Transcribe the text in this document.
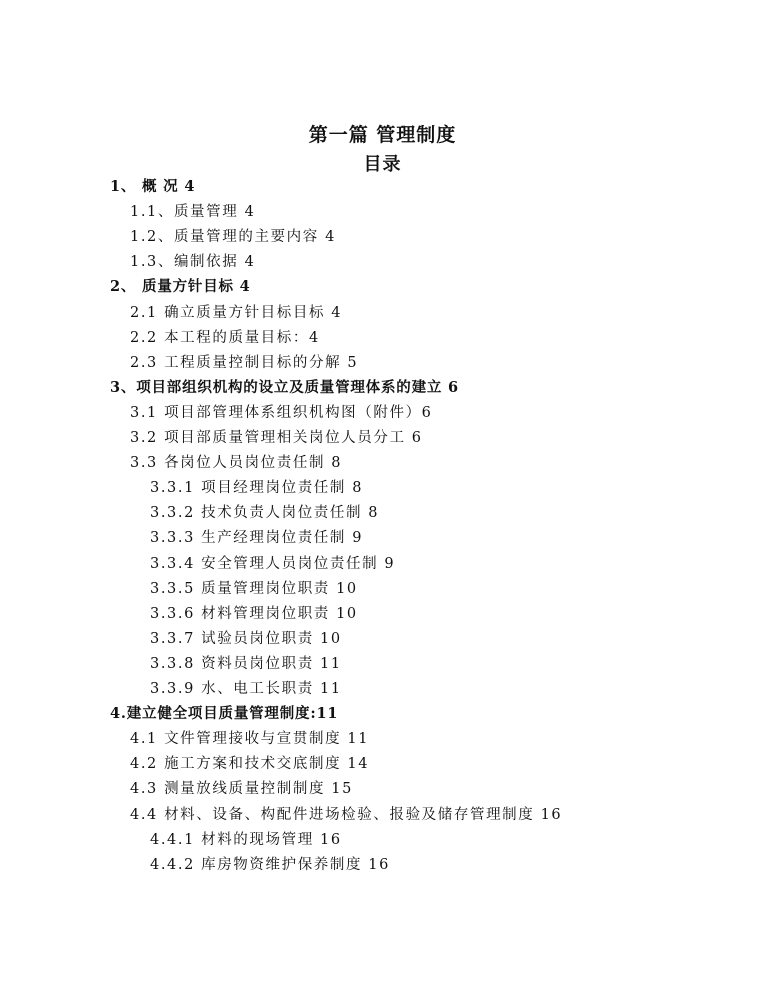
第一篇 管理制度
目录
1、 概 况 4
1.1、质量管理 4
1.2、质量管理的主要内容 4
1.3、编制依据 4
2、 质量方针目标 4
2.1 确立质量方针目标目标 4
2.2 本工程的质量目标：4
2.3 工程质量控制目标的分解 5
3、项目部组织机构的设立及质量管理体系的建立 6
3.1 项目部管理体系组织机构图（附件）6
3.2 项目部质量管理相关岗位人员分工 6
3.3 各岗位人员岗位责任制 8
3.3.1 项目经理岗位责任制 8
3.3.2 技术负责人岗位责任制 8
3.3.3 生产经理岗位责任制 9
3.3.4 安全管理人员岗位责任制 9
3.3.5 质量管理岗位职责 10
3.3.6 材料管理岗位职责 10
3.3.7 试验员岗位职责 10
3.3.8 资料员岗位职责 11
3.3.9 水、电工长职责 11
4.建立健全项目质量管理制度:11
4.1 文件管理接收与宣贯制度 11
4.2 施工方案和技术交底制度 14
4.3 测量放线质量控制制度 15
4.4 材料、设备、构配件进场检验、报验及储存管理制度 16
4.4.1 材料的现场管理 16
4.4.2 库房物资维护保养制度 16
